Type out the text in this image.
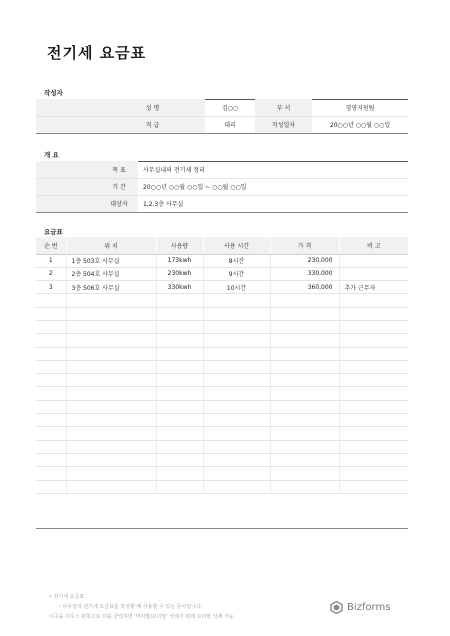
전기세 요금표
작성자
	성 명	김○○	부 서	경영지원팀
	직 급	대리	작성일자	20○○년 ○○월 ○○일
개 요
	목 표	사무실내의 전기세 정리
	기 간	20○○년 ○○월 ○○일 ~ ○○월 ○○일
	대상자	1,2,3층 사무실
요금표
순 번	위 치	사용량	사용 시간	가 격	비 고
1	1층 503호 사무실	173kwh	8시간	230,000	
2	2층 504호 사무실	230kwh	9시간	330,000	
3	3층 506호 사무실	330kwh	10시간	360,000	추가 근무자

• 전기세 요금표
- 사무실의 전기세 요금표를 작성할 때 사용할 수 있는 문서입니다.
이곳을 더우스 왼쪽으로 더블 클릭하면 '머리말/꼬리말' 삭제가 된채 꼬리말 삭제 가능
Bizforms
